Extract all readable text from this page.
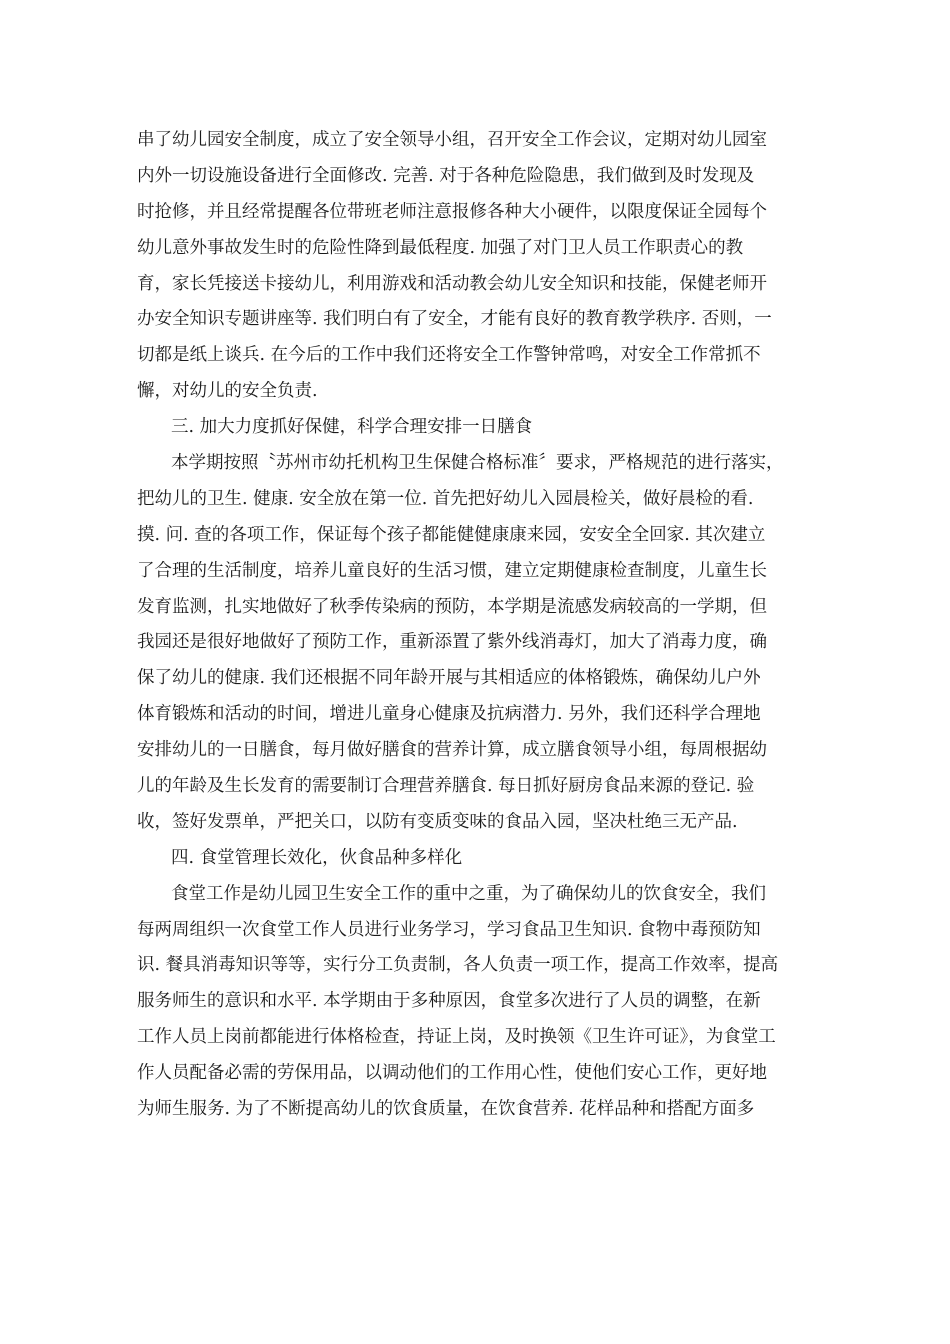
串了幼儿园安全制度，成立了安全领导小组，召开安全工作会议，定期对幼儿园室
内外一切设施设备进行全面修改. 完善. 对于各种危险隐患，我们做到及时发现及
时抢修，并且经常提醒各位带班老师注意报修各种大小硬件，以限度保证全园每个
幼儿意外事故发生时的危险性降到最低程度. 加强了对门卫人员工作职责心的教
育，家长凭接送卡接幼儿，利用游戏和活动教会幼儿安全知识和技能，保健老师开
办安全知识专题讲座等. 我们明白有了安全，才能有良好的教育教学秩序. 否则，一
切都是纸上谈兵. 在今后的工作中我们还将安全工作警钟常鸣，对安全工作常抓不
懈，对幼儿的安全负责.
三. 加大力度抓好保健，科学合理安排一日膳食
本学期按照〝苏州市幼托机构卫生保健合格标准〞要求，严格规范的进行落实，
把幼儿的卫生. 健康. 安全放在第一位. 首先把好幼儿入园晨检关，做好晨检的看.
摸. 问. 查的各项工作，保证每个孩子都能健健康康来园，安安全全回家. 其次建立
了合理的生活制度，培养儿童良好的生活习惯，建立定期健康检查制度，儿童生长
发育监测，扎实地做好了秋季传染病的预防，本学期是流感发病较高的一学期，但
我园还是很好地做好了预防工作，重新添置了紫外线消毒灯，加大了消毒力度，确
保了幼儿的健康. 我们还根据不同年龄开展与其相适应的体格锻炼，确保幼儿户外
体育锻炼和活动的时间，增进儿童身心健康及抗病潜力. 另外，我们还科学合理地
安排幼儿的一日膳食，每月做好膳食的营养计算，成立膳食领导小组，每周根据幼
儿的年龄及生长发育的需要制订合理营养膳食. 每日抓好厨房食品来源的登记. 验
收，签好发票单，严把关口，以防有变质变味的食品入园，坚决杜绝三无产品.
四. 食堂管理长效化，伙食品种多样化
食堂工作是幼儿园卫生安全工作的重中之重，为了确保幼儿的饮食安全，我们
每两周组织一次食堂工作人员进行业务学习，学习食品卫生知识. 食物中毒预防知
识. 餐具消毒知识等等，实行分工负责制，各人负责一项工作，提高工作效率，提高
服务师生的意识和水平. 本学期由于多种原因，食堂多次进行了人员的调整，在新
工作人员上岗前都能进行体格检查，持证上岗，及时换领《卫生许可证》，为食堂工
作人员配备必需的劳保用品，以调动他们的工作用心性，使他们安心工作，更好地
为师生服务. 为了不断提高幼儿的饮食质量，在饮食营养. 花样品种和搭配方面多
